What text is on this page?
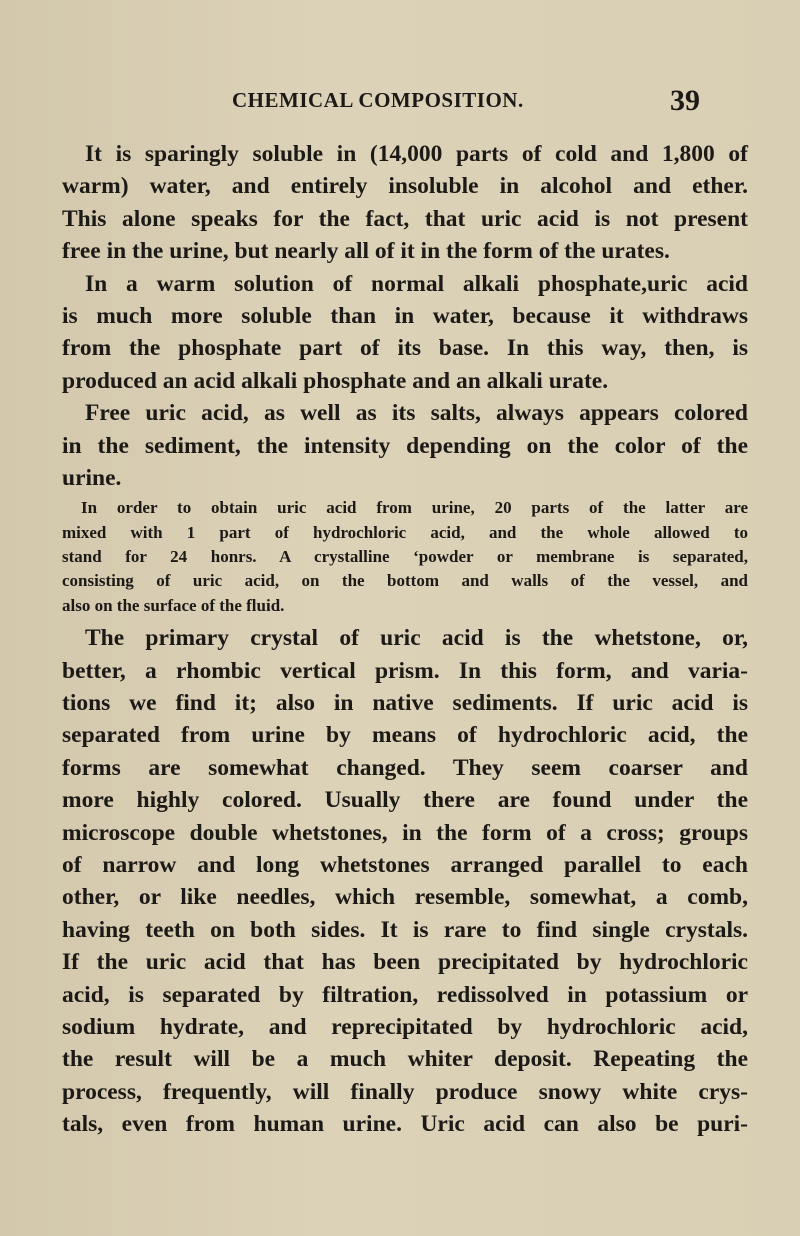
CHEMICAL COMPOSITION.	39
It is sparingly soluble in (14,000 parts of cold and 1,800 of
warm) water, and entirely insoluble in alcohol and ether.
This alone speaks for the fact, that uric acid is not present
free in the urine, but nearly all of it in the form of the urates.
In a warm solution of normal alkali phosphate,uric acid
is much more soluble than in water, because it withdraws
from the phosphate part of its base. In this way, then, is
produced an acid alkali phosphate and an alkali urate.
Free uric acid, as well as its salts, always appears colored
in the sediment, the intensity depending on the color of the
urine.
In order to obtain uric acid from urine, 20 parts of the latter are
mixed with 1 part of hydrochloric acid, and the whole allowed to
stand for 24 honrs. A crystalline ‘powder or membrane is separated,
consisting of uric acid, on the bottom and walls of the vessel, and
also on the surface of the fluid.
The primary crystal of uric acid is the whetstone, or,
better, a rhombic vertical prism. In this form, and varia-
tions we find it; also in native sediments. If uric acid is
separated from urine by means of hydrochloric acid, the
forms are somewhat changed. They seem coarser and
more highly colored. Usually there are found under the
microscope double whetstones, in the form of a cross; groups
of narrow and long whetstones arranged parallel to each
other, or like needles, which resemble, somewhat, a comb,
having teeth on both sides. It is rare to find single crystals.
If the uric acid that has been precipitated by hydrochloric
acid, is separated by filtration, redissolved in potassium or
sodium hydrate, and reprecipitated by hydrochloric acid,
the result will be a much whiter deposit. Repeating the
process, frequently, will finally produce snowy white crys-
tals, even from human urine. Uric acid can also be puri-
